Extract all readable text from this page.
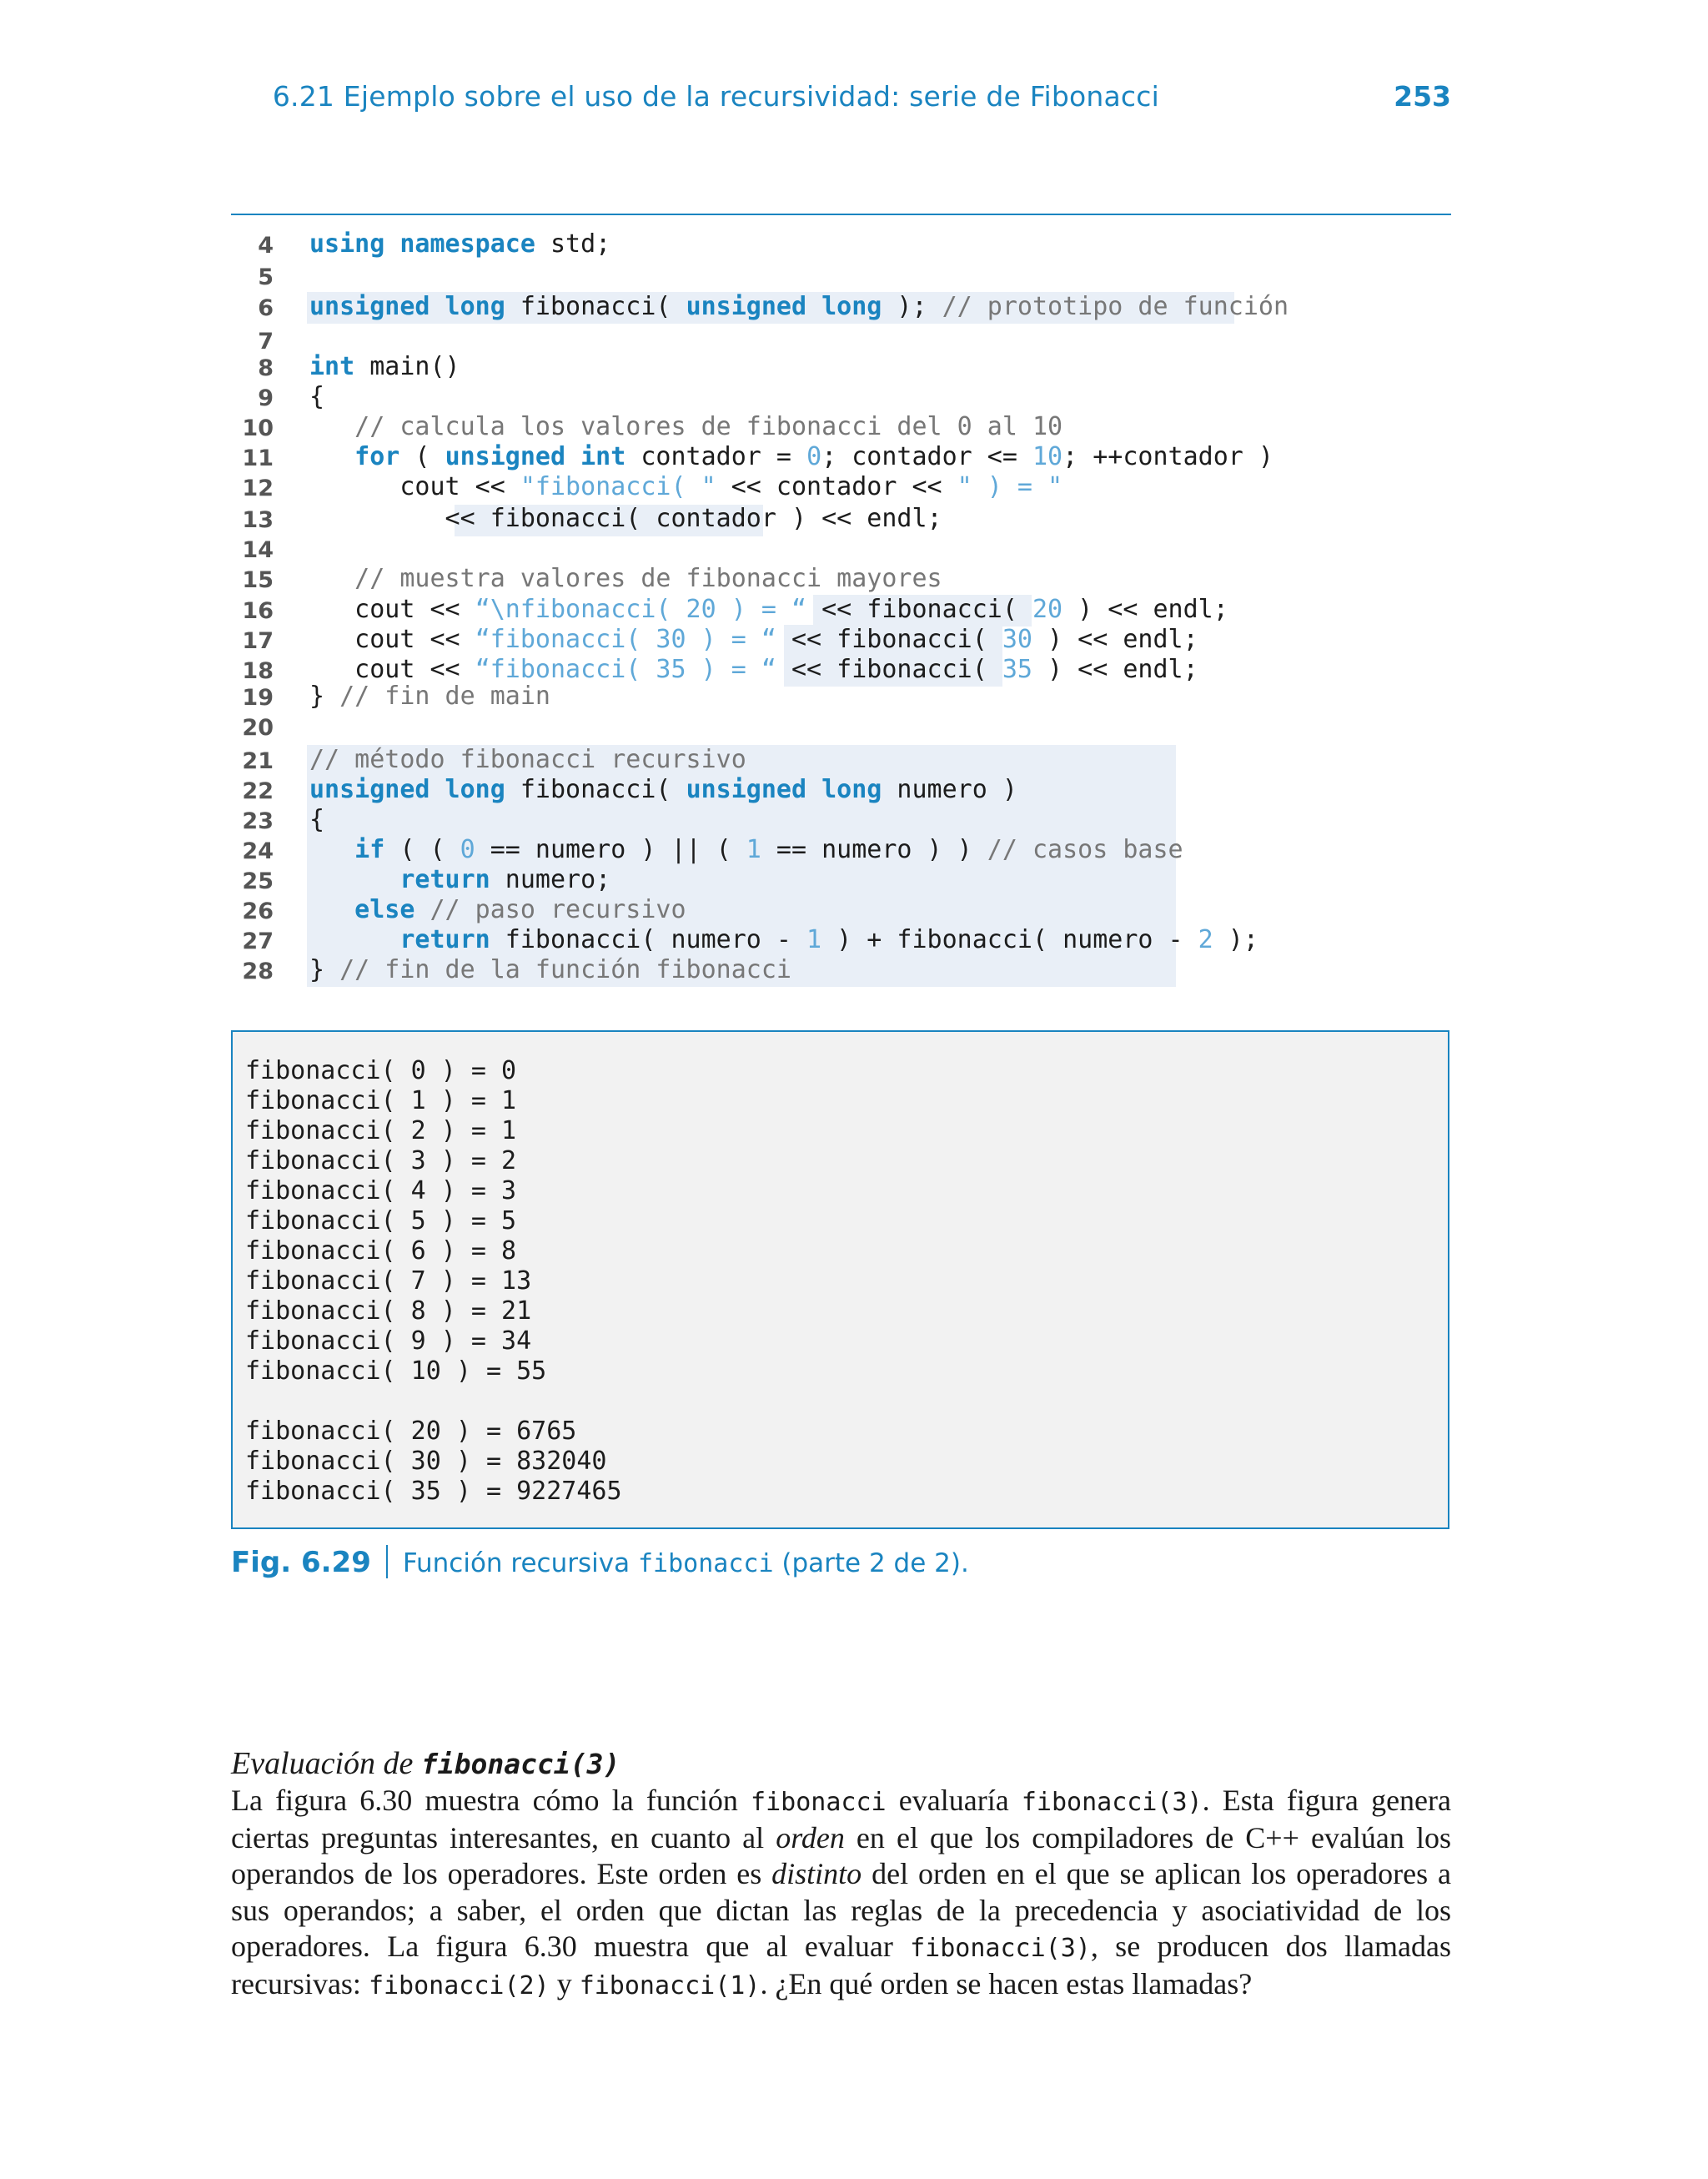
6.21 Ejemplo sobre el uso de la recursividad: serie de Fibonacci	253
4 using namespace std;
5
6 unsigned long fibonacci( unsigned long ); // prototipo de función
7
8 int main()
9 {
10 // calcula los valores de fibonacci del 0 al 10
11 for ( unsigned int contador = 0; contador <= 10; ++contador )
12 cout << "fibonacci( " << contador << " ) = "
13 << fibonacci( contador ) << endl;
14
15 // muestra valores de fibonacci mayores
16 cout << “\nfibonacci( 20 ) = “ << fibonacci( 20 ) << endl;
17 cout << “fibonacci( 30 ) = “ << fibonacci( 30 ) << endl;
18 cout << “fibonacci( 35 ) = “ << fibonacci( 35 ) << endl;
19 } // fin de main
20
21 // método fibonacci recursivo
22 unsigned long fibonacci( unsigned long numero )
23 {
24 if ( ( 0 == numero ) || ( 1 == numero ) ) // casos base
25 return numero;
26 else // paso recursivo
27 return fibonacci( numero - 1 ) + fibonacci( numero - 2 );
28 } // fin de la función fibonacci
fibonacci( 0 ) = 0
fibonacci( 1 ) = 1
fibonacci( 2 ) = 1
fibonacci( 3 ) = 2
fibonacci( 4 ) = 3
fibonacci( 5 ) = 5
fibonacci( 6 ) = 8
fibonacci( 7 ) = 13
fibonacci( 8 ) = 21
fibonacci( 9 ) = 34
fibonacci( 10 ) = 55
fibonacci( 20 ) = 6765
fibonacci( 30 ) = 832040
fibonacci( 35 ) = 9227465
Fig. 6.29 Función recursiva fibonacci (parte 2 de 2).
Evaluación de fibonacci(3)
La figura 6.30 muestra cómo la función fibonacci evaluaría fibonacci(3). Esta figura genera ciertas preguntas interesantes, en cuanto al orden en el que los compiladores de C++ evalúan los operandos de los operadores. Este orden es distinto del orden en el que se aplican los operadores a sus operandos; a saber, el orden que dictan las reglas de la precedencia y asociatividad de los operadores. La figura 6.30 muestra que al evaluar fibonacci(3), se producen dos llamadas recursivas: fibonacci(2) y fibonacci(1). ¿En qué orden se hacen estas llamadas?
